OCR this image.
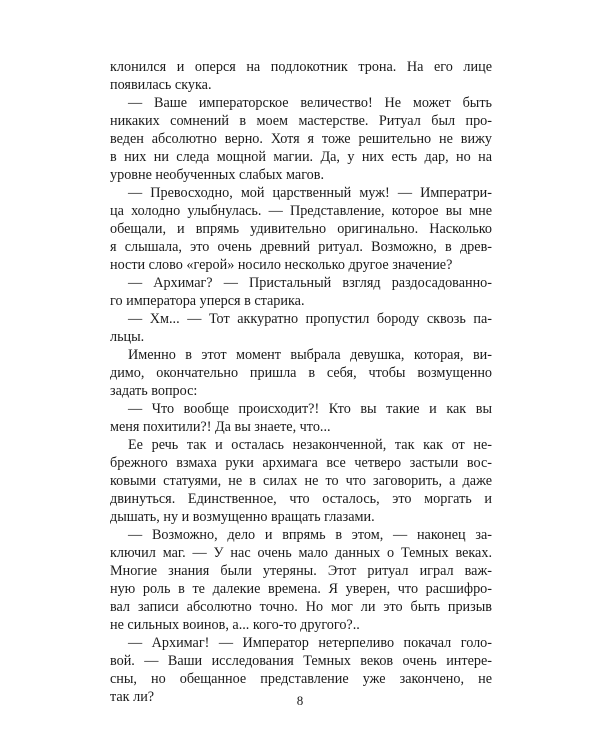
клонился и оперся на подлокотник трона. На его лице
появилась скука.
— Ваше императорское величество! Не может быть
никаких сомнений в моем мастерстве. Ритуал был про-
веден абсолютно верно. Хотя я тоже решительно не вижу
в них ни следа мощной магии. Да, у них есть дар, но на
уровне необученных слабых магов.
— Превосходно, мой царственный муж! — Императри-
ца холодно улыбнулась. — Представление, которое вы мне
обещали, и впрямь удивительно оригинально. Насколько
я слышала, это очень древний ритуал. Возможно, в древ-
ности слово «герой» носило несколько другое значение?
— Архимаг? — Пристальный взгляд раздосадованно-
го императора уперся в старика.
— Хм... — Тот аккуратно пропустил бороду сквозь па-
льцы.
Именно в этот момент выбрала девушка, которая, ви-
димо, окончательно пришла в себя, чтобы возмущенно
задать вопрос:
— Что вообще происходит?! Кто вы такие и как вы
меня похитили?! Да вы знаете, что...
Ее речь так и осталась незаконченной, так как от не-
брежного взмаха руки архимага все четверо застыли вос-
ковыми статуями, не в силах не то что заговорить, а даже
двинуться. Единственное, что осталось, это моргать и
дышать, ну и возмущенно вращать глазами.
— Возможно, дело и впрямь в этом, — наконец за-
ключил маг. — У нас очень мало данных о Темных веках.
Многие знания были утеряны. Этот ритуал играл важ-
ную роль в те далекие времена. Я уверен, что расшифро-
вал записи абсолютно точно. Но мог ли это быть призыв
не сильных воинов, а... кого-то другого?..
— Архимаг! — Император нетерпеливо покачал голо-
вой. — Ваши исследования Темных веков очень интере-
сны, но обещанное представление уже закончено, не
так ли?	8
